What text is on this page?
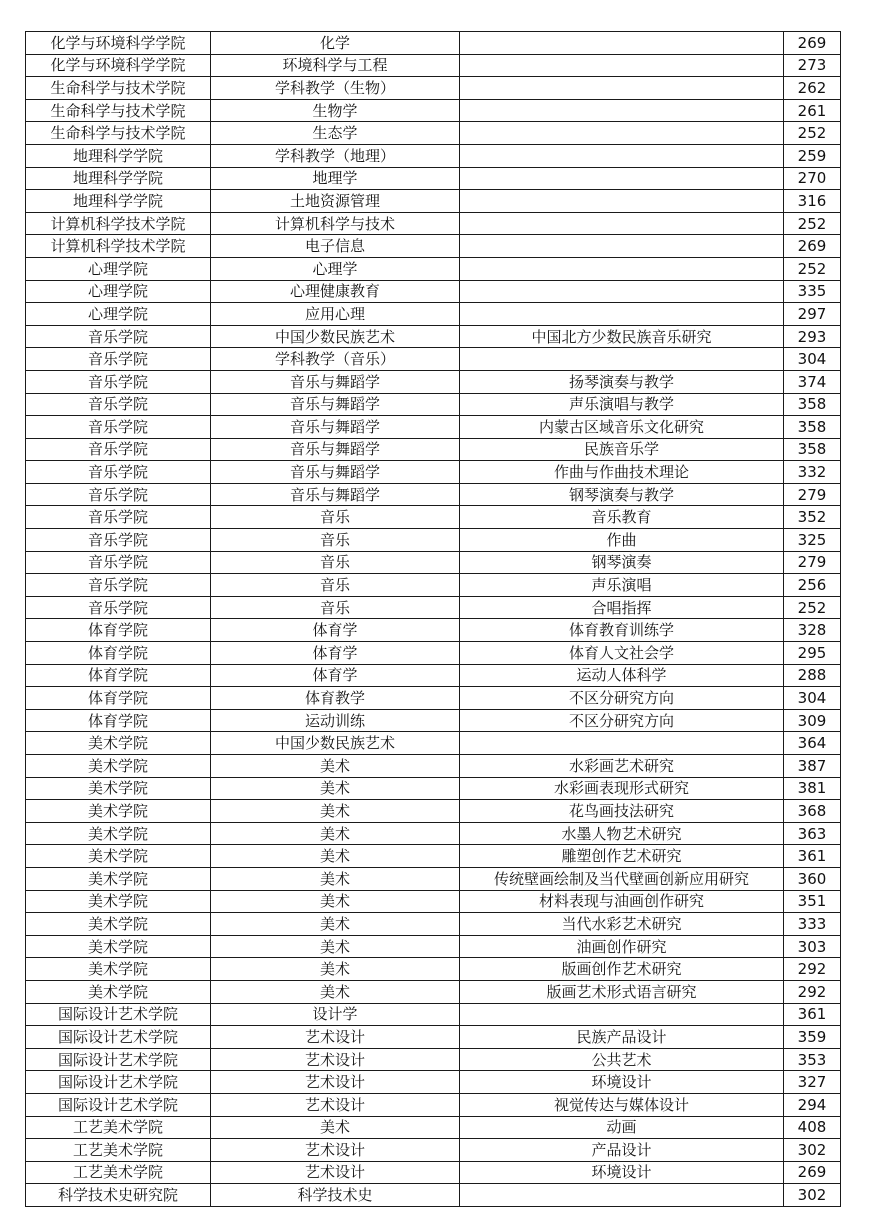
化学与环境科学学院	化学		269
化学与环境科学学院	环境科学与工程		273
生命科学与技术学院	学科教学（生物）		262
生命科学与技术学院	生物学		261
生命科学与技术学院	生态学		252
地理科学学院	学科教学（地理）		259
地理科学学院	地理学		270
地理科学学院	土地资源管理		316
计算机科学技术学院	计算机科学与技术		252
计算机科学技术学院	电子信息		269
心理学院	心理学		252
心理学院	心理健康教育		335
心理学院	应用心理		297
音乐学院	中国少数民族艺术	中国北方少数民族音乐研究	293
音乐学院	学科教学（音乐）		304
音乐学院	音乐与舞蹈学	扬琴演奏与教学	374
音乐学院	音乐与舞蹈学	声乐演唱与教学	358
音乐学院	音乐与舞蹈学	内蒙古区域音乐文化研究	358
音乐学院	音乐与舞蹈学	民族音乐学	358
音乐学院	音乐与舞蹈学	作曲与作曲技术理论	332
音乐学院	音乐与舞蹈学	钢琴演奏与教学	279
音乐学院	音乐	音乐教育	352
音乐学院	音乐	作曲	325
音乐学院	音乐	钢琴演奏	279
音乐学院	音乐	声乐演唱	256
音乐学院	音乐	合唱指挥	252
体育学院	体育学	体育教育训练学	328
体育学院	体育学	体育人文社会学	295
体育学院	体育学	运动人体科学	288
体育学院	体育教学	不区分研究方向	304
体育学院	运动训练	不区分研究方向	309
美术学院	中国少数民族艺术		364
美术学院	美术	水彩画艺术研究	387
美术学院	美术	水彩画表现形式研究	381
美术学院	美术	花鸟画技法研究	368
美术学院	美术	水墨人物艺术研究	363
美术学院	美术	雕塑创作艺术研究	361
美术学院	美术	传统壁画绘制及当代壁画创新应用研究	360
美术学院	美术	材料表现与油画创作研究	351
美术学院	美术	当代水彩艺术研究	333
美术学院	美术	油画创作研究	303
美术学院	美术	版画创作艺术研究	292
美术学院	美术	版画艺术形式语言研究	292
国际设计艺术学院	设计学		361
国际设计艺术学院	艺术设计	民族产品设计	359
国际设计艺术学院	艺术设计	公共艺术	353
国际设计艺术学院	艺术设计	环境设计	327
国际设计艺术学院	艺术设计	视觉传达与媒体设计	294
工艺美术学院	美术	动画	408
工艺美术学院	艺术设计	产品设计	302
工艺美术学院	艺术设计	环境设计	269
科学技术史研究院	科学技术史		302
